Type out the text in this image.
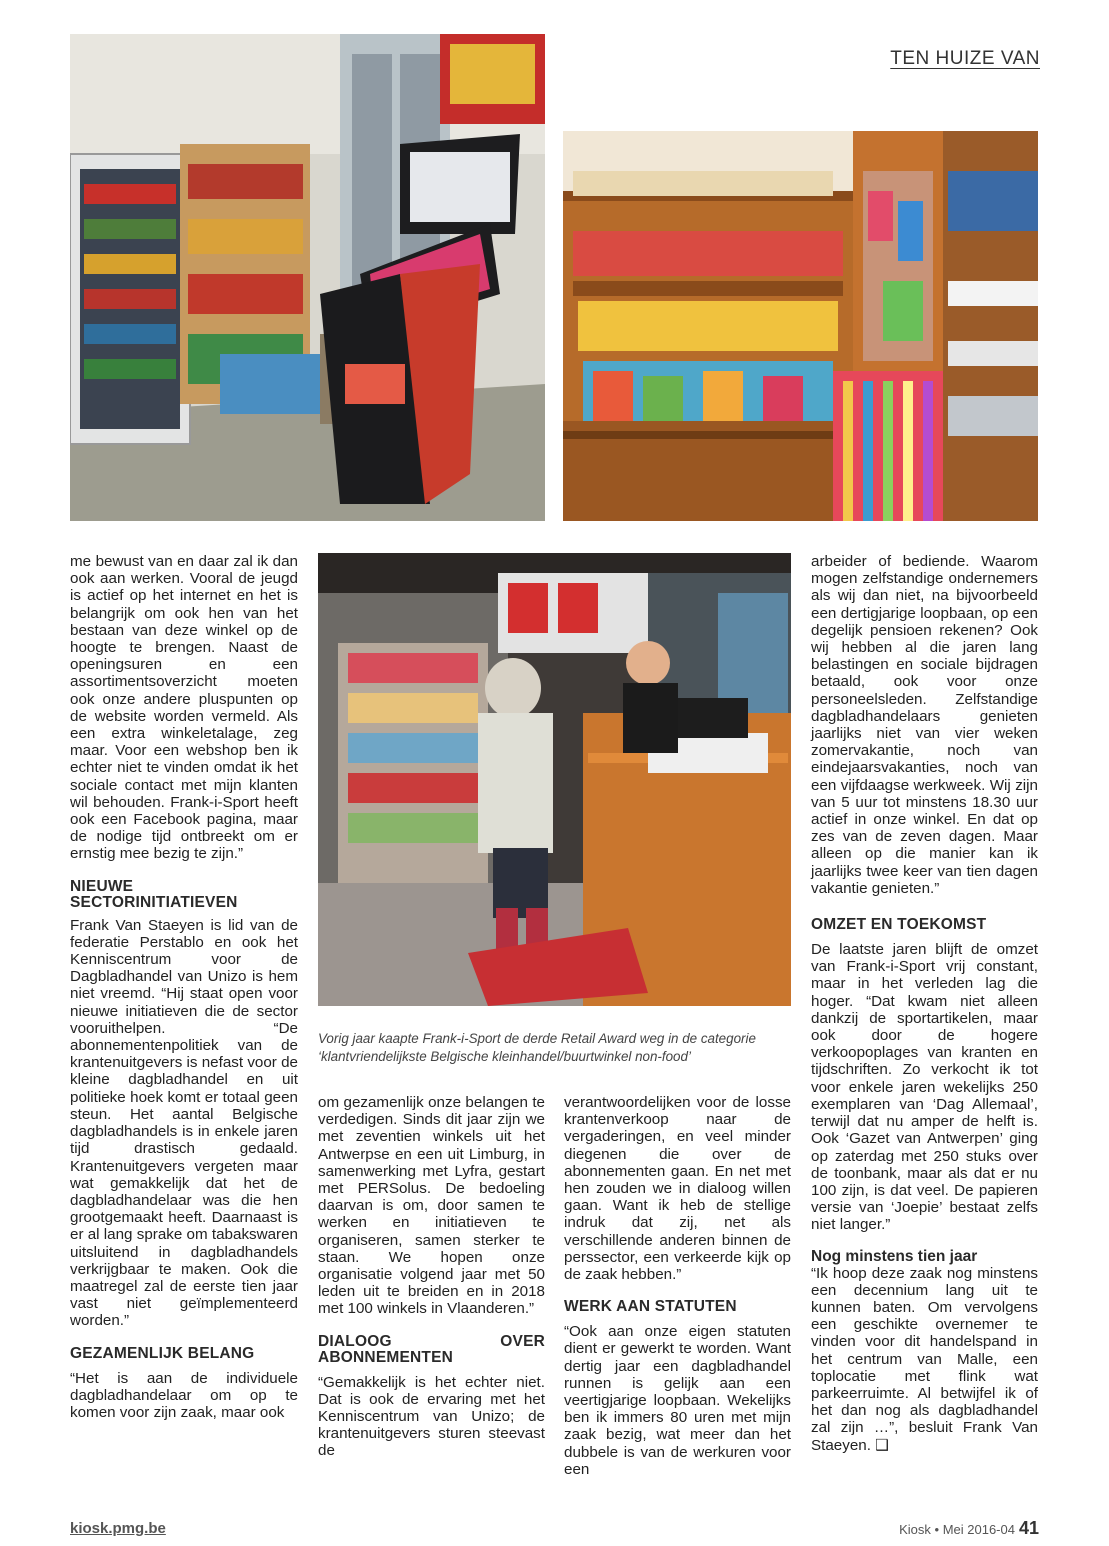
TEN HUIZE VAN
Vorig jaar kaapte Frank-i-Sport de derde Retail Award weg in de categorie ‘klantvriendelijkste Belgische kleinhandel/buurtwinkel non-food’

me bewust van en daar zal ik dan ook aan werken. Vooral de jeugd is actief op het internet en het is belangrijk om ook hen van het bestaan van deze winkel op de hoogte te brengen. Naast de openingsuren en een assortimentsoverzicht moeten ook onze andere pluspunten op de website worden vermeld. Als een extra winkeletalage, zeg maar. Voor een webshop ben ik echter niet te vinden omdat ik het sociale contact met mijn klanten wil behouden. Frank-i-Sport heeft ook een Facebook pagina, maar de nodige tijd ontbreekt om er ernstig mee bezig te zijn.”

NIEUWE SECTORINITIATIEVEN

Frank Van Staeyen is lid van de federatie Perstablo en ook het Kenniscentrum voor de Dagbladhandel van Unizo is hem niet vreemd. “Hij staat open voor nieuwe initiatieven die de sector vooruithelpen. “De abonnementenpolitiek van de krantenuitgevers is nefast voor de kleine dagbladhandel en uit politieke hoek komt er totaal geen steun. Het aantal Belgische dagbladhandels is in enkele jaren tijd drastisch gedaald. Krantenuitgevers vergeten maar wat gemakkelijk dat het de dagbladhandelaar was die hen grootgemaakt heeft. Daarnaast is er al lang sprake om tabakswaren uitsluitend in dagbladhandels verkrijgbaar te maken. Ook die maatregel zal de eerste tien jaar vast niet geïmplementeerd worden.”

GEZAMENLIJK BELANG

“Het is aan de individuele dagbladhandelaar om op te komen voor zijn zaak, maar ook

om gezamenlijk onze belangen te verdedigen. Sinds dit jaar zijn we met zeventien winkels uit het Antwerpse en een uit Limburg, in samenwerking met Lyfra, gestart met PERSolus. De bedoeling daarvan is om, door samen te werken en initiatieven te organiseren, samen sterker te staan. We hopen onze organisatie volgend jaar met 50 leden uit te breiden en in 2018 met 100 winkels in Vlaanderen.”

DIALOOG OVER ABONNEMENTEN

“Gemakkelijk is het echter niet. Dat is ook de ervaring met het Kenniscentrum van Unizo; de krantenuitgevers sturen steevast de

verantwoordelijken voor de losse krantenverkoop naar de vergaderingen, en veel minder diegenen die over de abonnementen gaan. En net met hen zouden we in dialoog willen gaan. Want ik heb de stellige indruk dat zij, net als verschillende anderen binnen de perssector, een verkeerde kijk op de zaak hebben.”

WERK AAN STATUTEN

“Ook aan onze eigen statuten dient er gewerkt te worden. Want dertig jaar een dagbladhandel runnen is gelijk aan een veertigjarige loopbaan. Wekelijks ben ik immers 80 uren met mijn zaak bezig, wat meer dan het dubbele is van de werkuren voor een

arbeider of bediende. Waarom mogen zelfstandige ondernemers als wij dan niet, na bijvoorbeeld een dertigjarige loopbaan, op een degelijk pensioen rekenen? Ook wij hebben al die jaren lang belastingen en sociale bijdragen betaald, ook voor onze personeelsleden. Zelfstandige dagbladhandelaars genieten jaarlijks niet van vier weken zomervakantie, noch van eindejaarsvakanties, noch van een vijfdaagse werkweek. Wij zijn van 5 uur tot minstens 18.30 uur actief in onze winkel. En dat op zes van de zeven dagen. Maar alleen op die manier kan ik jaarlijks twee keer van tien dagen vakantie genieten.”

OMZET EN TOEKOMST

De laatste jaren blijft de omzet van Frank-i-Sport vrij constant, maar in het verleden lag die hoger. “Dat kwam niet alleen dankzij de sportartikelen, maar ook door de hogere verkoopoplages van kranten en tijdschriften. Zo verkocht ik tot voor enkele jaren wekelijks 250 exemplaren van ‘Dag Allemaal’, terwijl dat nu amper de helft is. Ook ‘Gazet van Antwerpen’ ging op zaterdag met 250 stuks over de toonbank, maar als dat er nu 100 zijn, is dat veel. De papieren versie van ‘Joepie’ bestaat zelfs niet langer.”

Nog minstens tien jaar

“Ik hoop deze zaak nog minstens een decennium lang uit te kunnen baten. Om vervolgens een geschikte overnemer te vinden voor dit handelspand in het centrum van Malle, een toplocatie met flink wat parkeerruimte. Al betwijfel ik of het dan nog als dagbladhandel zal zijn …”, besluit Frank Van Staeyen. ❑

kiosk.pmg.be	Kiosk • Mei 2016-04 41
